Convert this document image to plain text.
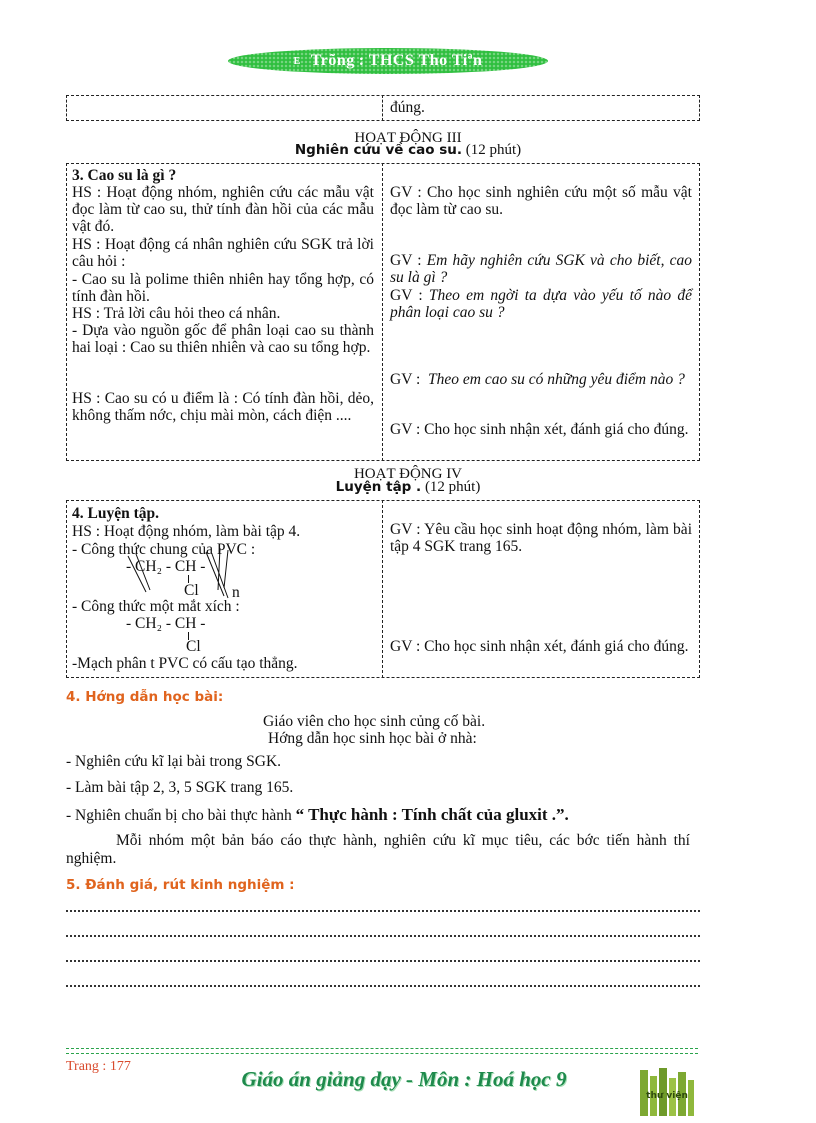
E Trõng : THCS Tho Tiªn
đúng.
HOẠT ĐỘNG III
Nghiên cứu về cao su. (12 phút)
3. Cao su là gì ?
HS : Hoạt động nhóm, nghiên cứu các mẫu vật đọc làm từ cao su, thử tính đàn hồi của các mẫu vật đó.
HS : Hoạt động cá nhân nghiên cứu SGK trả lời câu hỏi :
- Cao su là polime thiên nhiên hay tổng hợp, có tính đàn hồi.
HS : Trả lời câu hỏi theo cá nhân.
- Dựa vào nguồn gốc để phân loại cao su thành hai loại : Cao su thiên nhiên và cao su tổng hợp.
HS : Cao su có u điểm là : Có tính đàn hồi, dẻo, không thấm nớc, chịu mài mòn, cách điện ....
GV : Cho học sinh nghiên cứu một số mẫu vật đọc làm từ cao su.
GV : Em hãy nghiên cứu SGK và cho biết, cao su là gì ?
GV : Theo em ngời ta dựa vào yếu tố nào để phân loại cao su ?
GV : Theo em cao su có những yêu điểm nào ?
GV : Cho học sinh nhận xét, đánh giá cho đúng.
HOẠT ĐỘNG IV
Luyện tập . (12 phút)
4. Luyện tập.
HS : Hoạt động nhóm, làm bài tập 4.
- Công thức chung của PVC :
- CH₂ - CH -
Cl n
- Công thức một mắt xích :
- CH₂ - CH -
Cl
-Mạch phân t PVC có cấu tạo thẳng.
GV : Yêu cầu học sinh hoạt động nhóm, làm bài tập 4 SGK trang 165.
GV : Cho học sinh nhận xét, đánh giá cho đúng.
4. Hớng dẫn học bài:
Giáo viên cho học sinh củng cố bài.
Hớng dẫn học sinh học bài ở nhà:
- Nghiên cứu kĩ lại bài trong SGK.
- Làm bài tập 2, 3, 5 SGK trang 165.
- Nghiên chuẩn bị cho bài thực hành “ Thực hành : Tính chất của gluxit .”.
Mỗi nhóm một bản báo cáo thực hành, nghiên cứu kĩ mục tiêu, các bớc tiến hành thí nghiệm.
5. Đánh giá, rút kinh nghiệm :
Trang : 177	Giáo án giảng dạy - Môn : Hoá học 9
thư viện
